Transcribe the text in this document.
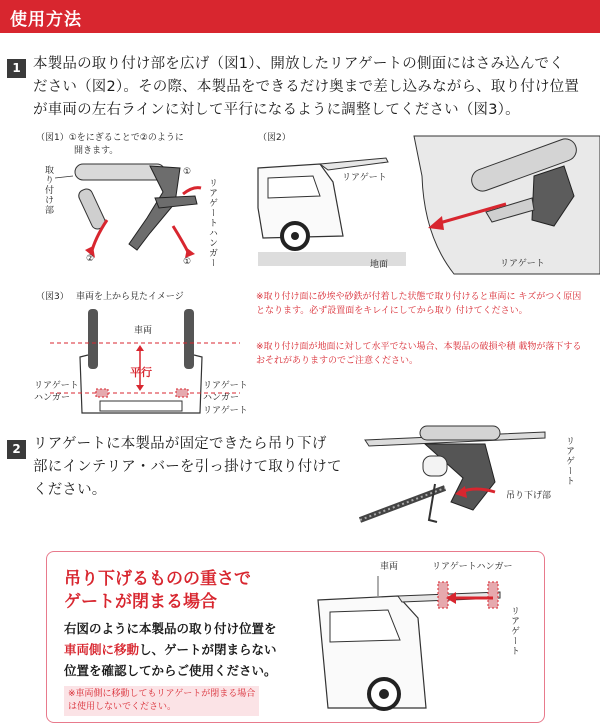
使用方法
1 本製品の取り付け部を広げ（図1）、開放したリアゲートの側面にはさみ込んでく
ださい（図2）。その際、本製品をできるだけ奥まで差し込みながら、取り付け位置
が車両の左右ラインに対して平行になるように調整してください（図3）。
（図1）①をにぎることで②のように
開きます。
取り付け部	リアゲートハンガー
①
①
②
（図2）
リアゲート
地面	リアゲート
（図3） 車両を上から見たイメージ
車両
平行
リアゲート ハンガー
リアゲート ハンガー
リアゲート
※取り付け面に砂埃や砂鉄が付着した状態で取り付けると車両に キズがつく原因となります。必ず設置面をキレイにしてから取り 付けてください。
※取り付け面が地面に対して水平でない場合、本製品の破損や積 載物が落下するおそれがありますのでご注意ください。
2 リアゲートに本製品が固定できたら吊り下げ
部にインテリア・バーを引っ掛けて取り付けて
ください。
リアゲート
吊り下げ部
吊り下げるものの重さで
ゲートが閉まる場合
右図のように本製品の取り付け位置を
車両側に移動し、ゲートが閉まらない
位置を確認してからご使用ください。
※車両側に移動してもリアゲートが閉まる場合
は使用しないでください。
車両	リアゲートハンガー
リアゲート
